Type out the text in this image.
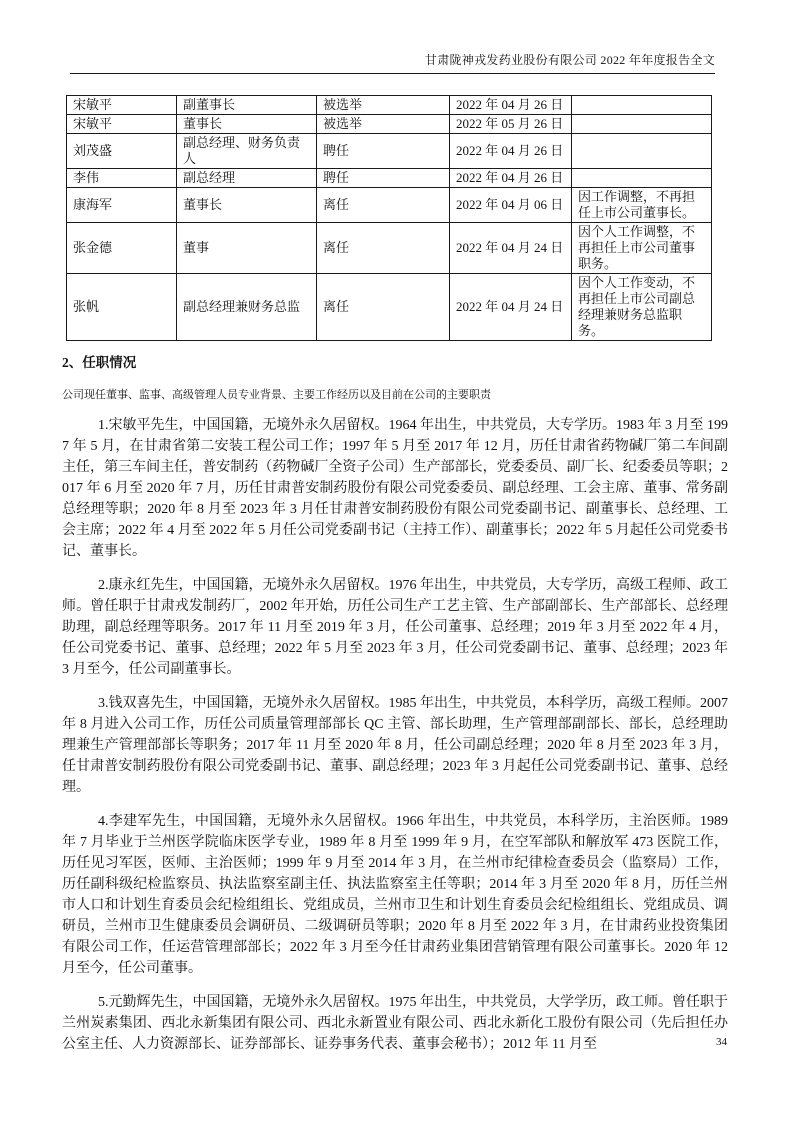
甘肃陇神戎发药业股份有限公司 2022 年年度报告全文
宋敏平	副董事长	被选举	2022 年 04 月 26 日	
宋敏平	董事长	被选举	2022 年 05 月 26 日	
刘茂盛	副总经理、财务负责人	聘任	2022 年 04 月 26 日	
李伟	副总经理	聘任	2022 年 04 月 26 日	
康海军	董事长	离任	2022 年 04 月 06 日	因工作调整，不再担任上市公司董事长。
张金德	董事	离任	2022 年 04 月 24 日	因个人工作调整，不再担任上市公司董事职务。
张帆	副总经理兼财务总监	离任	2022 年 04 月 24 日	因个人工作变动，不再担任上市公司副总经理兼财务总监职务。
2、任职情况

公司现任董事、监事、高级管理人员专业背景、主要工作经历以及目前在公司的主要职责

1.宋敏平先生，中国国籍，无境外永久居留权。1964 年出生，中共党员，大专学历。1983 年 3 月至 1997 年 5 月，在甘肃省第二安装工程公司工作；1997 年 5 月至 2017 年 12 月，历任甘肃省药物碱厂第二车间副主任，第三车间主任，普安制药（药物碱厂全资子公司）生产部部长，党委委员、副厂长、纪委委员等职；2017 年 6 月至 2020 年 7 月，历任甘肃普安制药股份有限公司党委委员、副总经理、工会主席、董事、常务副总经理等职；2020 年 8 月至 2023 年 3 月任甘肃普安制药股份有限公司党委副书记、副董事长、总经理、工会主席；2022 年 4 月至 2022 年 5 月任公司党委副书记（主持工作）、副董事长；2022 年 5 月起任公司党委书记、董事长。

2.康永红先生，中国国籍，无境外永久居留权。1976 年出生，中共党员，大专学历，高级工程师、政工师。曾任职于甘肃戎发制药厂，2002 年开始，历任公司生产工艺主管、生产部副部长、生产部部长、总经理助理，副总经理等职务。2017 年 11 月至 2019 年 3 月，任公司董事、总经理；2019 年 3 月至 2022 年 4 月，任公司党委书记、董事、总经理；2022 年 5 月至 2023 年 3 月，任公司党委副书记、董事、总经理；2023 年 3 月至今，任公司副董事长。

3.钱双喜先生，中国国籍，无境外永久居留权。1985 年出生，中共党员，本科学历，高级工程师。2007 年 8 月进入公司工作，历任公司质量管理部部长 QC 主管、部长助理，生产管理部副部长、部长，总经理助理兼生产管理部部长等职务；2017 年 11 月至 2020 年 8 月，任公司副总经理；2020 年 8 月至 2023 年 3 月，任甘肃普安制药股份有限公司党委副书记、董事、副总经理；2023 年 3 月起任公司党委副书记、董事、总经理。

4.李建军先生，中国国籍，无境外永久居留权。1966 年出生，中共党员，本科学历，主治医师。1989 年 7 月毕业于兰州医学院临床医学专业，1989 年 8 月至 1999 年 9 月，在空军部队和解放军 473 医院工作，历任见习军医，医师、主治医师；1999 年 9 月至 2014 年 3 月，在兰州市纪律检查委员会（监察局）工作，历任副科级纪检监察员、执法监察室副主任、执法监察室主任等职；2014 年 3 月至 2020 年 8 月，历任兰州市人口和计划生育委员会纪检组组长、党组成员，兰州市卫生和计划生育委员会纪检组组长、党组成员、调研员，兰州市卫生健康委员会调研员、二级调研员等职；2020 年 8 月至 2022 年 3 月，在甘肃药业投资集团有限公司工作，任运营管理部部长；2022 年 3 月至今任甘肃药业集团营销管理有限公司董事长。2020 年 12 月至今，任公司董事。

5.元勤辉先生，中国国籍，无境外永久居留权。1975 年出生，中共党员，大学学历，政工师。曾任职于兰州炭素集团、西北永新集团有限公司、西北永新置业有限公司、西北永新化工股份有限公司（先后担任办公室主任、人力资源部长、证券部部长、证券事务代表、董事会秘书）；2012 年 11 月至	34
